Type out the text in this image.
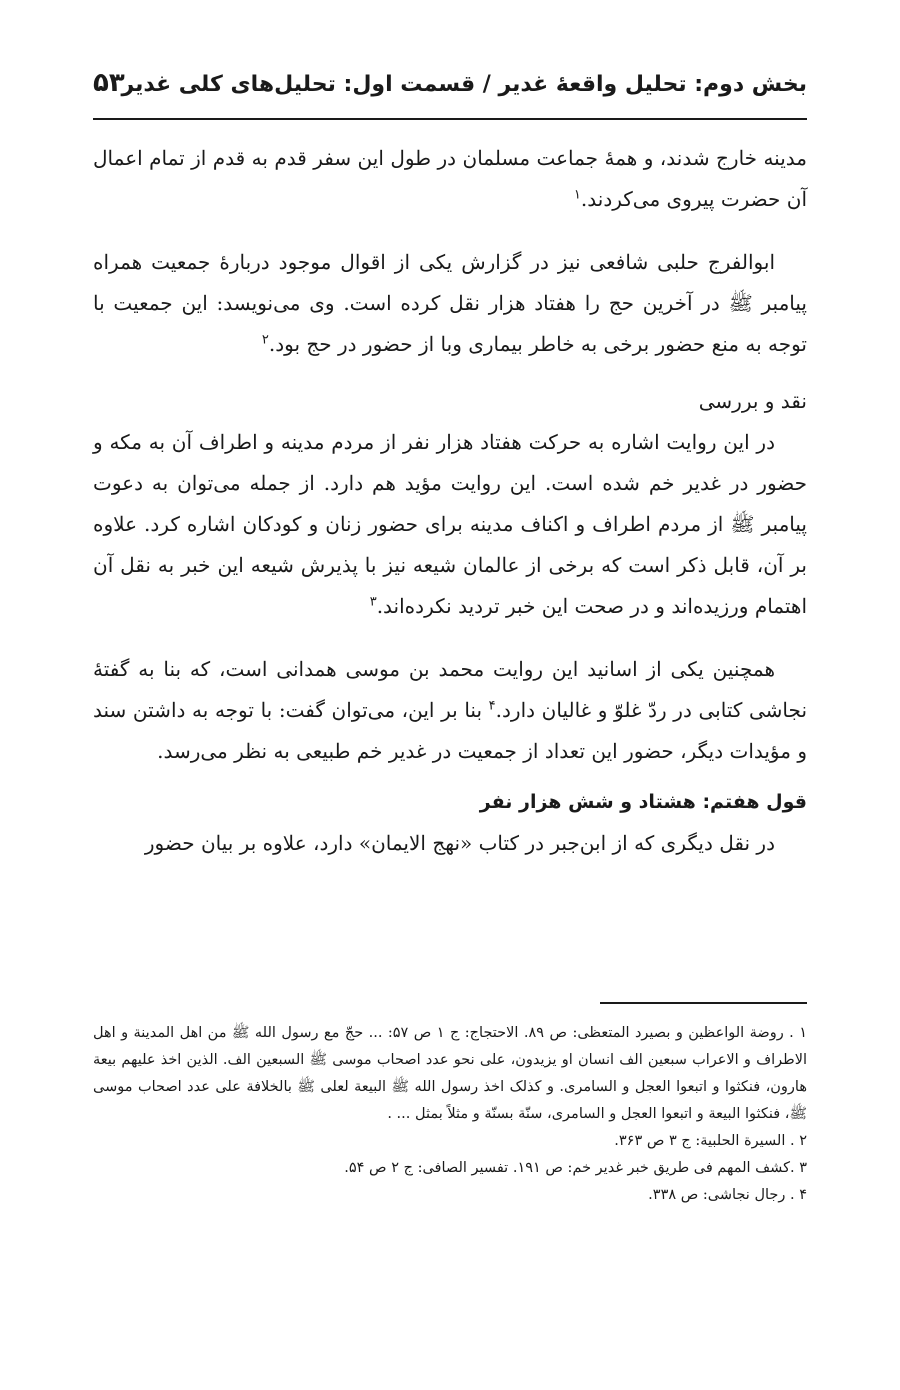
بخش دوم: تحلیل واقعهٔ غدیر / قسمت اول: تحلیل‌های کلی غدیر
۵۳

مدینه خارج شدند، و همهٔ جماعت مسلمان در طول این سفر قدم به قدم از تمام اعمال آن حضرت پیروی می‌کردند.$^۱$

ابوالفرج حلبی شافعی نیز در گزارش یکی از اقوال موجود دربارهٔ جمعیت همراه پیامبر ﷺ در آخرین حج را هفتاد هزار نقل کرده است. وی می‌نویسد: این جمعیت با توجه به منع حضور برخی به خاطر بیماری وبا از حضور در حج بود.$^۲$

نقد و بررسی

در این روایت اشاره به حرکت هفتاد هزار نفر از مردم مدینه و اطراف آن به مکه و حضور در غدیر خم شده است. این روایت مؤید هم دارد. از جمله می‌توان به دعوت پیامبر ﷺ از مردم اطراف و اکناف مدینه برای حضور زنان و کودکان اشاره کرد. علاوه بر آن، قابل ذکر است که برخی از عالمان شیعه نیز با پذیرش شیعه این خبر به نقل آن اهتمام ورزیده‌اند و در صحت این خبر تردید نکرده‌اند.$^۳$

همچنین یکی از اسانید این روایت محمد بن موسی همدانی است، که بنا به گفتهٔ نجاشی کتابی در ردّ غلوّ و غالیان دارد.$^۴$ بنا بر این، می‌توان گفت: با توجه به داشتن سند و مؤیدات دیگر، حضور این تعداد از جمعیت در غدیر خم طبیعی به نظر می‌رسد.

قول هفتم: هشتاد و شش هزار نفر

در نقل دیگری که از ابن‌جبر در کتاب «نهج الایمان» دارد، علاوه بر بیان حضور

۱ . روضة الواعظین و بصیرد المتعظی: ص ۸۹. الاحتجاج: ج ۱ ص ۵۷: ... حجّ مع رسول الله ﷺ من اهل المدینة و اهل الاطراف و الاعراب سبعین الف انسان او یزیدون، علی نحو عدد اصحاب موسی ﷺ السبعین الف. الذین اخذ علیهم بیعة هارون، فنکثوا و اتبعوا العجل و السامری. و کذلک اخذ رسول الله ﷺ البیعة لعلی ﷺ بالخلافة علی عدد اصحاب موسی ﷺ، فنکثوا البیعة و اتبعوا العجل و السامری، سنّة بسنّة و مثلاً بمثل ... .

۲ . السیرة الحلبیة: ج ۳ ص ۳۶۳.

۳ .کشف المهم فی طریق خبر غدیر خم: ص ۱۹۱. تفسیر الصافی: ج ۲ ص ۵۴.

۴ . رجال نجاشی: ص ۳۳۸.
